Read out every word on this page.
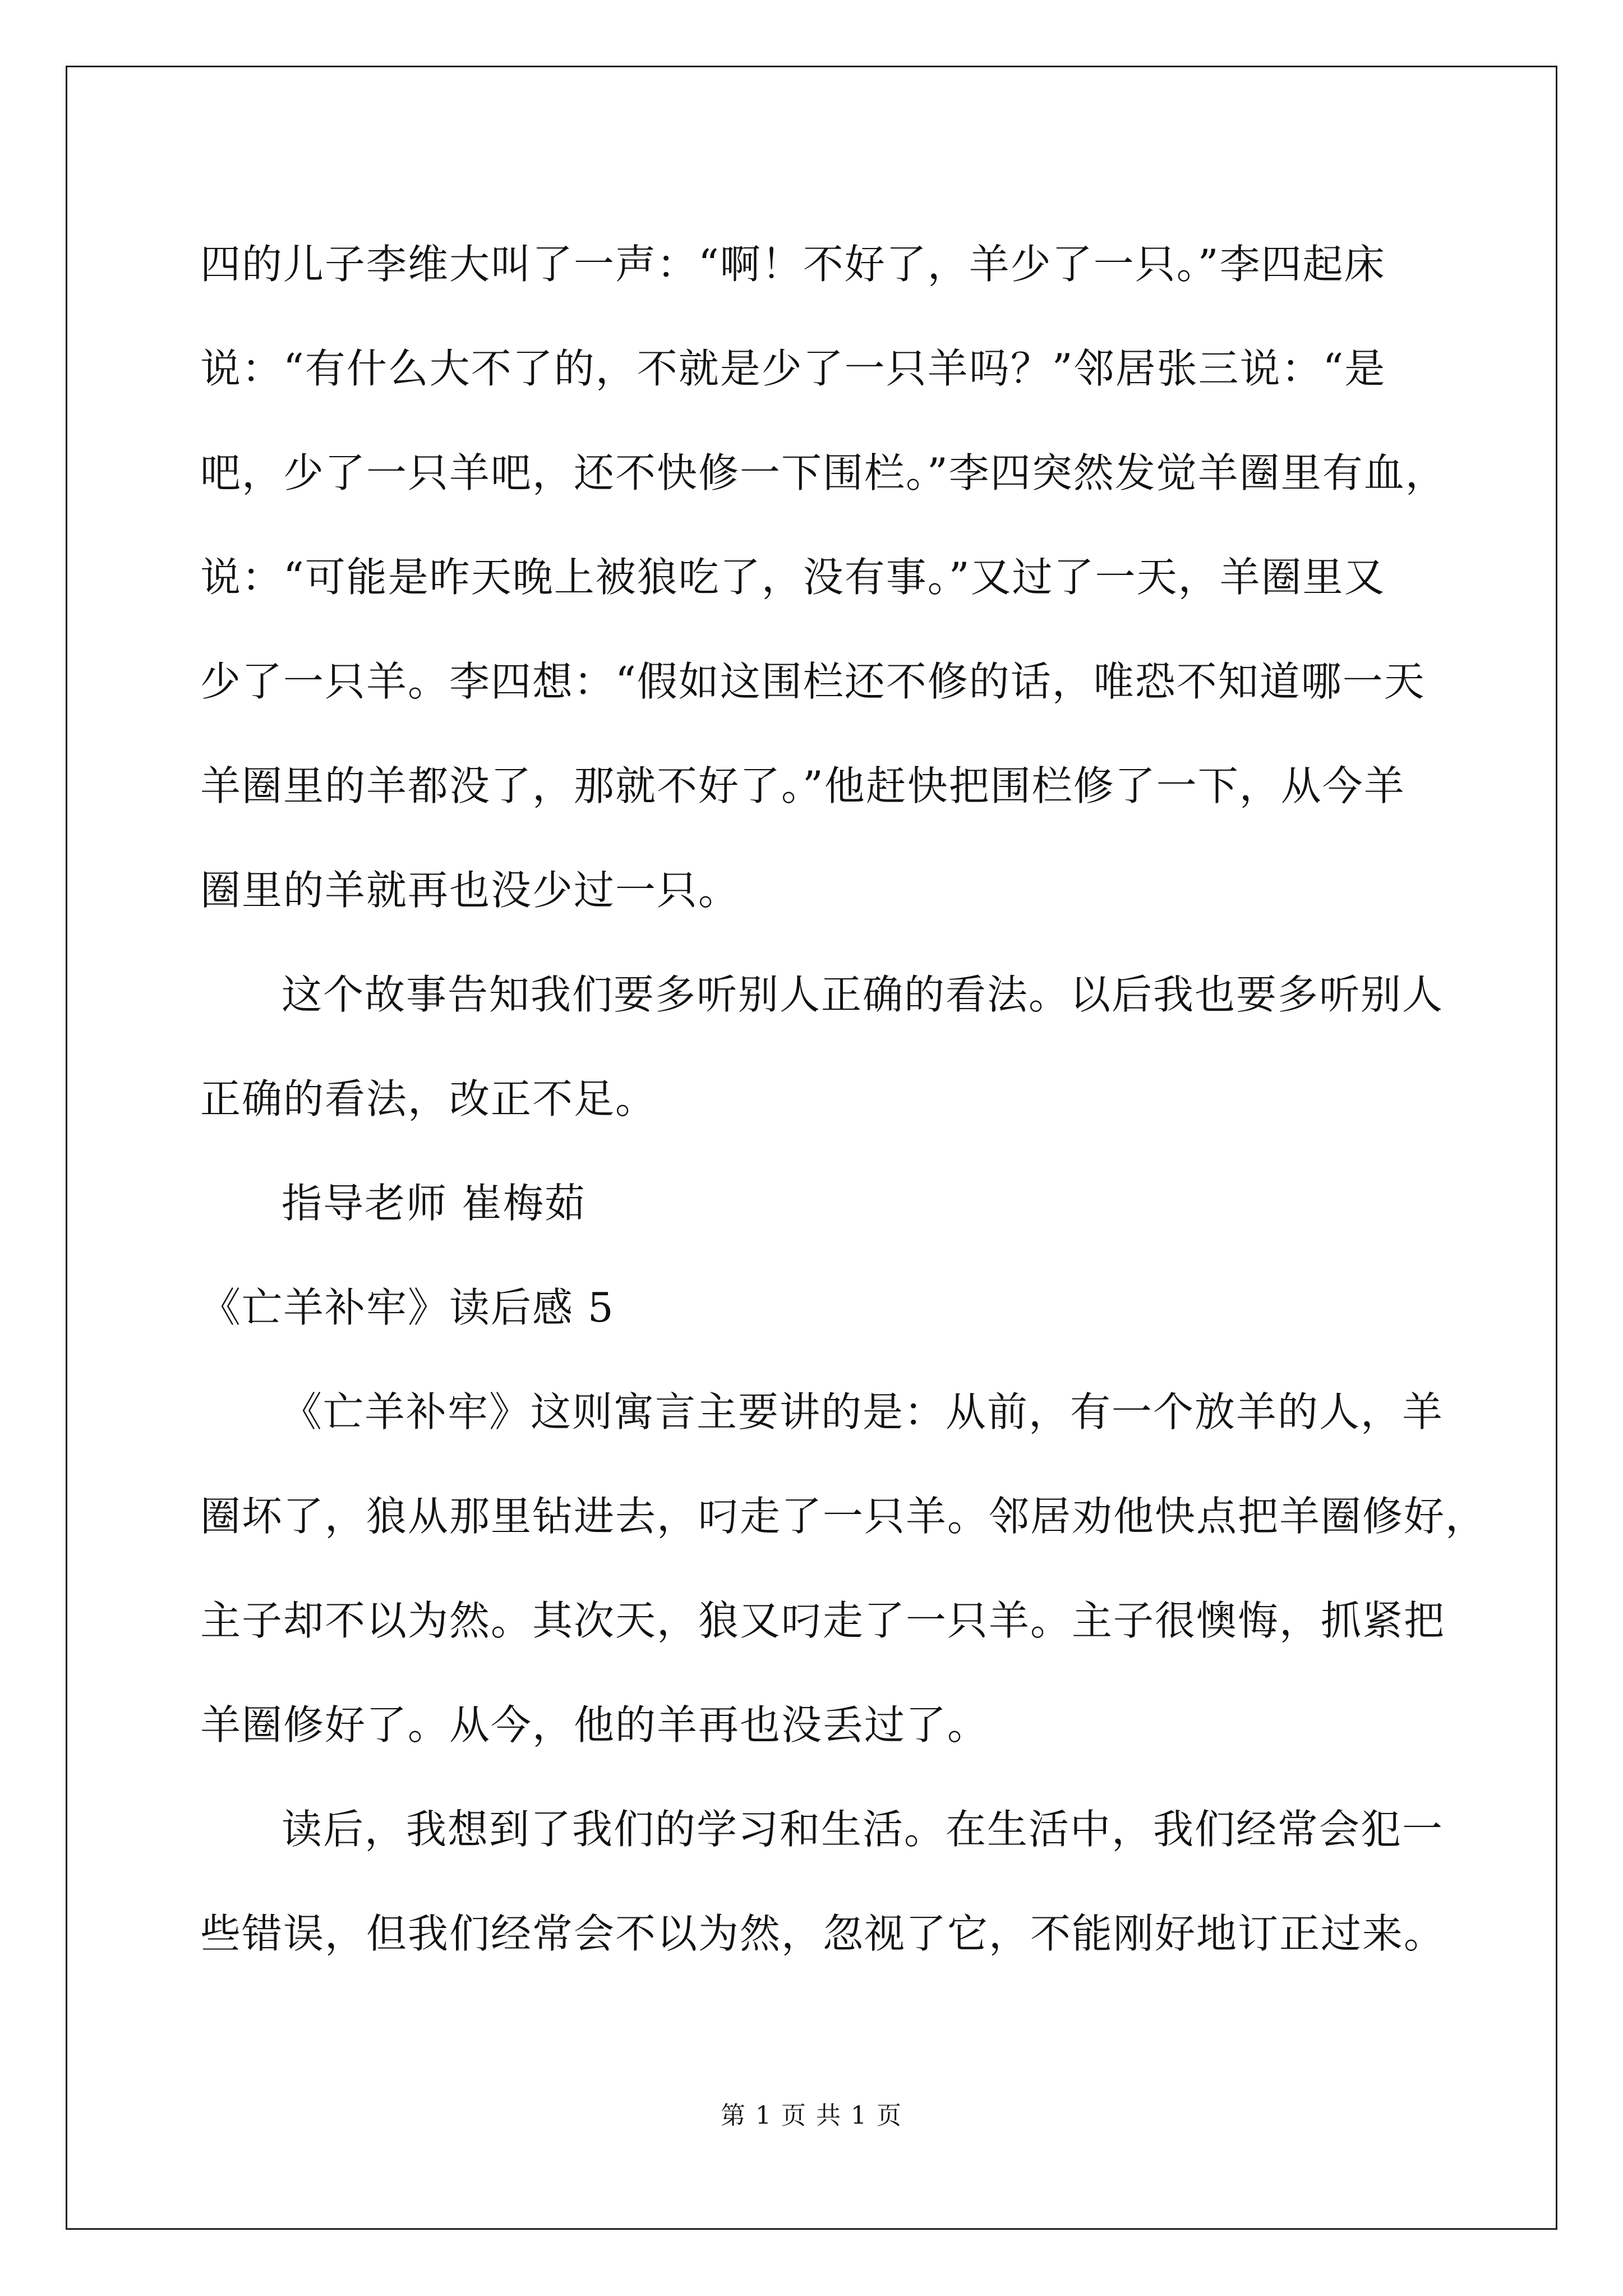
四的儿子李维大叫了一声：“啊！不好了，羊少了一只。”李四起床

说：“有什么大不了的，不就是少了一只羊吗？”邻居张三说：“是

吧，少了一只羊吧，还不快修一下围栏。”李四突然发觉羊圈里有血，

说：“可能是昨天晚上被狼吃了，没有事。”又过了一天，羊圈里又

少了一只羊。李四想：“假如这围栏还不修的话，唯恐不知道哪一天

羊圈里的羊都没了，那就不好了。”他赶快把围栏修了一下，从今羊

圈里的羊就再也没少过一只。

这个故事告知我们要多听别人正确的看法。以后我也要多听别人

正确的看法，改正不足。

指导老师 崔梅茹

《亡羊补牢》读后感 5

《亡羊补牢》这则寓言主要讲的是：从前，有一个放羊的人，羊

圈坏了，狼从那里钻进去，叼走了一只羊。邻居劝他快点把羊圈修好，

主子却不以为然。其次天，狼又叼走了一只羊。主子很懊悔，抓紧把

羊圈修好了。从今，他的羊再也没丢过了。

读后，我想到了我们的学习和生活。在生活中，我们经常会犯一

些错误，但我们经常会不以为然，忽视了它，不能刚好地订正过来。

第 1 页 共 1 页
